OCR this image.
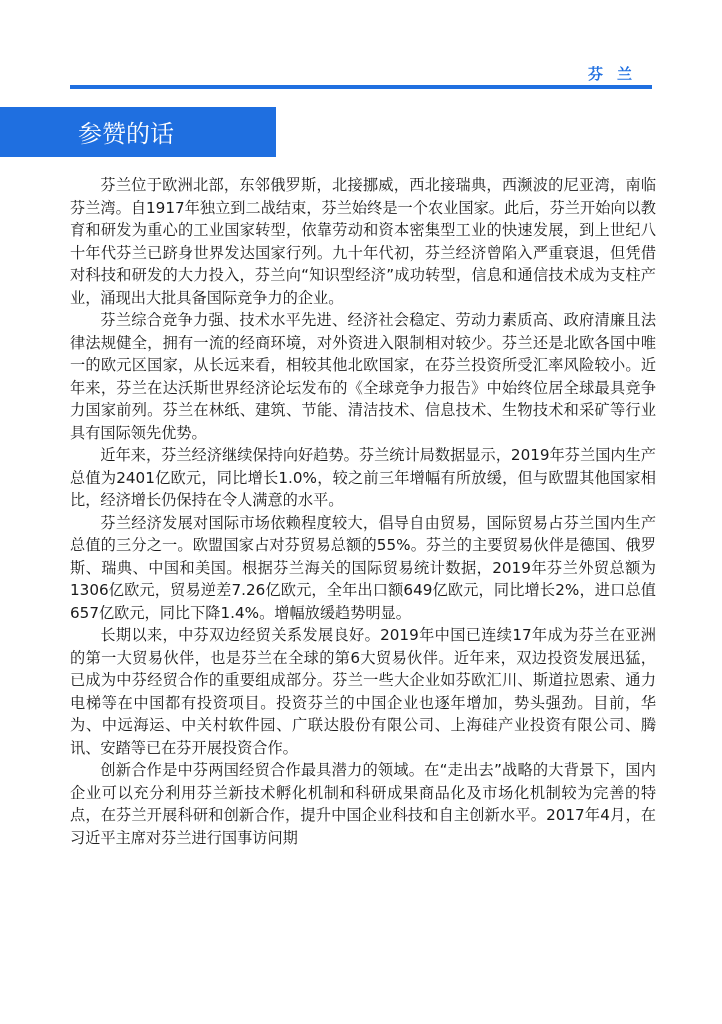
芬兰
参赞的话

芬兰位于欧洲北部，东邻俄罗斯，北接挪威，西北接瑞典，西濒波的尼亚湾，南临芬兰湾。自1917年独立到二战结束，芬兰始终是一个农业国家。此后，芬兰开始向以教育和研发为重心的工业国家转型，依靠劳动和资本密集型工业的快速发展，到上世纪八十年代芬兰已跻身世界发达国家行列。九十年代初，芬兰经济曾陷入严重衰退，但凭借对科技和研发的大力投入，芬兰向“知识型经济”成功转型，信息和通信技术成为支柱产业，涌现出大批具备国际竞争力的企业。

芬兰综合竞争力强、技术水平先进、经济社会稳定、劳动力素质高、政府清廉且法律法规健全，拥有一流的经商环境，对外资进入限制相对较少。芬兰还是北欧各国中唯一的欧元区国家，从长远来看，相较其他北欧国家，在芬兰投资所受汇率风险较小。近年来，芬兰在达沃斯世界经济论坛发布的《全球竞争力报告》中始终位居全球最具竞争力国家前列。芬兰在林纸、建筑、节能、清洁技术、信息技术、生物技术和采矿等行业具有国际领先优势。

近年来，芬兰经济继续保持向好趋势。芬兰统计局数据显示，2019年芬兰国内生产总值为2401亿欧元，同比增长1.0%，较之前三年增幅有所放缓，但与欧盟其他国家相比，经济增长仍保持在令人满意的水平。

芬兰经济发展对国际市场依赖程度较大，倡导自由贸易，国际贸易占芬兰国内生产总值的三分之一。欧盟国家占对芬贸易总额的55%。芬兰的主要贸易伙伴是德国、俄罗斯、瑞典、中国和美国。根据芬兰海关的国际贸易统计数据，2019年芬兰外贸总额为1306亿欧元，贸易逆差7.26亿欧元，全年出口额649亿欧元，同比增长2%，进口总值657亿欧元，同比下降1.4%。增幅放缓趋势明显。

长期以来，中芬双边经贸关系发展良好。2019年中国已连续17年成为芬兰在亚洲的第一大贸易伙伴，也是芬兰在全球的第6大贸易伙伴。近年来，双边投资发展迅猛，已成为中芬经贸合作的重要组成部分。芬兰一些大企业如芬欧汇川、斯道拉恩索、通力电梯等在中国都有投资项目。投资芬兰的中国企业也逐年增加，势头强劲。目前，华为、中远海运、中关村软件园、广联达股份有限公司、上海硅产业投资有限公司、腾讯、安踏等已在芬开展投资合作。

创新合作是中芬两国经贸合作最具潜力的领域。在“走出去”战略的大背景下，国内企业可以充分利用芬兰新技术孵化机制和科研成果商品化及市场化机制较为完善的特点，在芬兰开展科研和创新合作，提升中国企业科技和自主创新水平。2017年4月，在习近平主席对芬兰进行国事访问期
